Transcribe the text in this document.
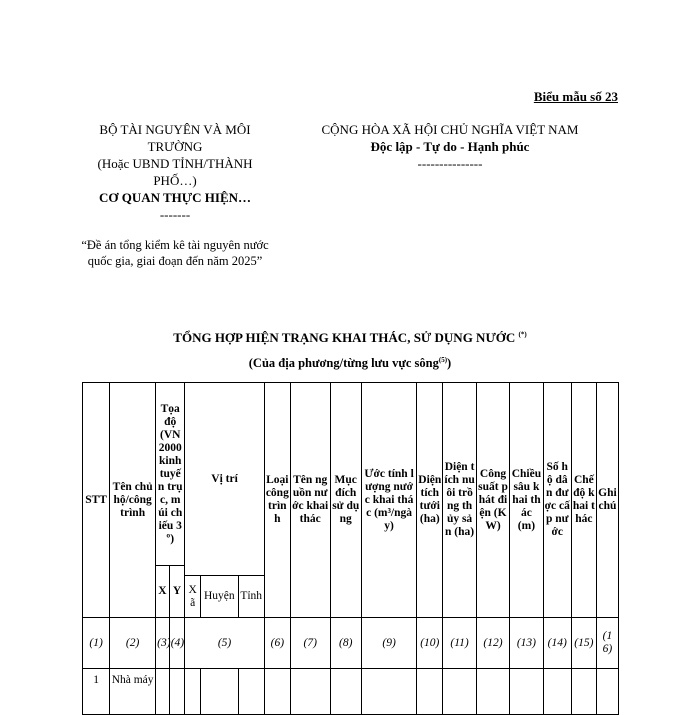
Biểu mẫu số 23
BỘ TÀI NGUYÊN VÀ MÔI TRƯỜNG
(Hoặc UBND TỈNH/THÀNH PHỐ…)
CƠ QUAN THỰC HIỆN…
-------
“Đề án tổng kiểm kê tài nguyên nước quốc gia, giai đoạn đến năm 2025”
CỘNG HÒA XÃ HỘI CHỦ NGHĨA VIỆT NAM
Độc lập - Tự do - Hạnh phúc
---------------
TỔNG HỢP HIỆN TRẠNG KHAI THÁC, SỬ DỤNG NƯỚC (*)
(Của địa phương/từng lưu vực sông$^{(5)}$)
STT	Tên chủ hộ/công trình	Tọa độ (VN 2000 kinh tuyến trục, múi chiếu 3º)		Vị trí			Loại công trình	Tên nguồn nước khai thác	Mục đích sử dụng	Ước tính lượng nước khai thác (m³/ngày)	Diện tích tưới (ha)	Diện tích nuôi trồng thủy sản (ha)	Công suất phát điện (KW)	Chiều sâu khai thác (m)	Số hộ dân được cấp nước	Chế độ khai thác	Ghi chú
		X	Y														
				Xã	Huyện	Tỉnh											
(1)	(2)	(3)	(4)	(5)			(6)	(7)	(8)	(9)	(10)	(11)	(12)	(13)	(14)	(15)	(16)
1	Nhà máy																
